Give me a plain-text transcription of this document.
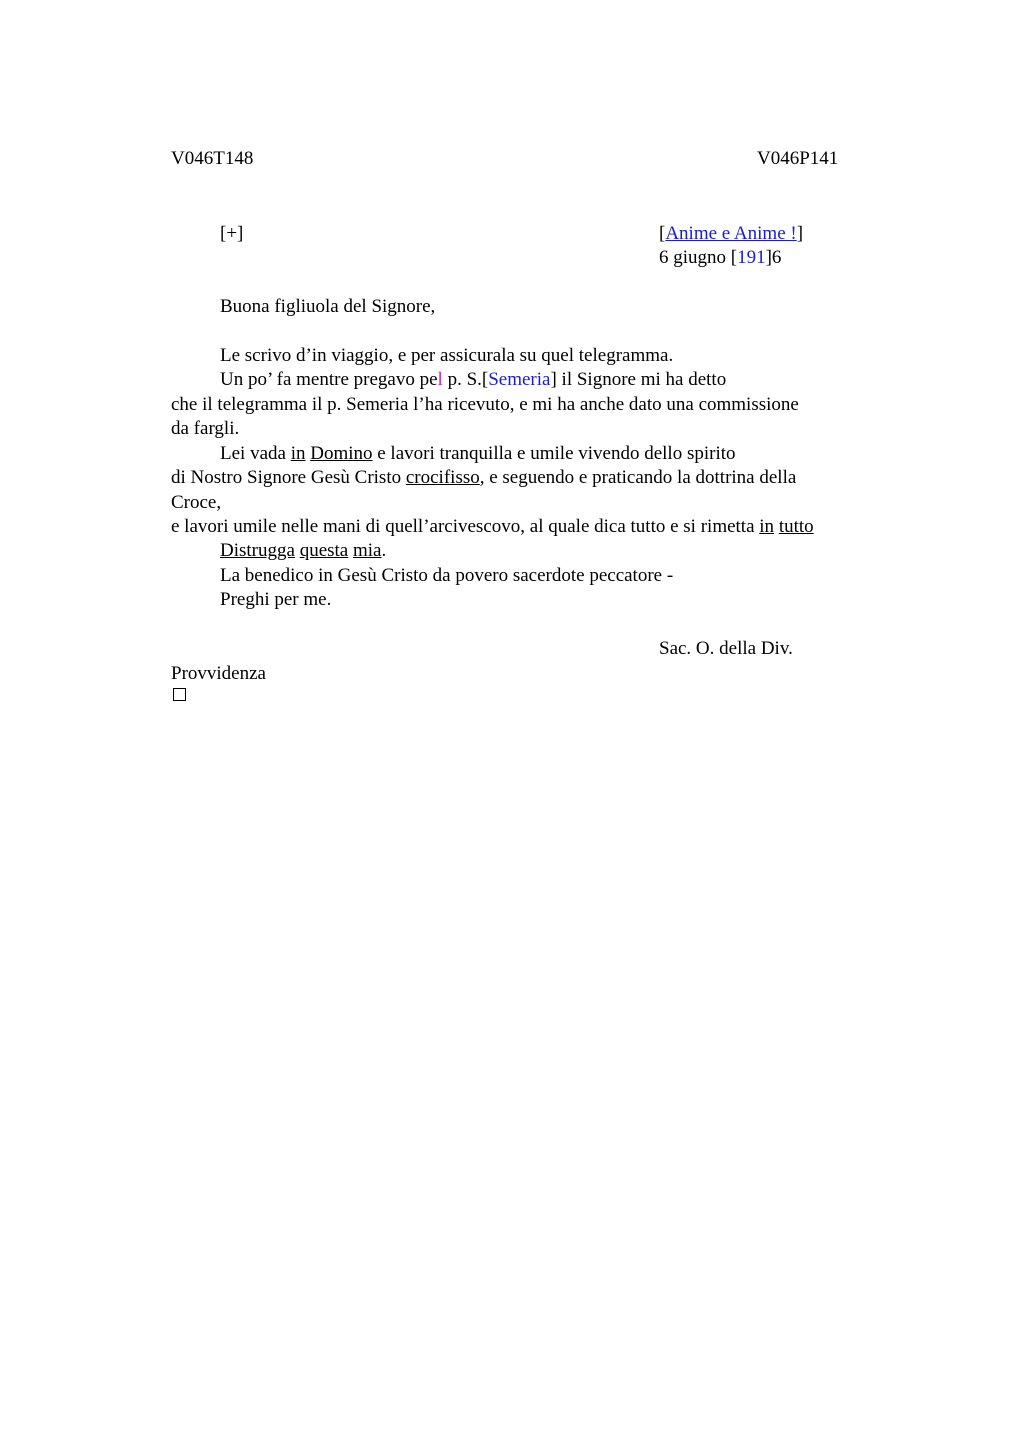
V046T148	V046P141
[+]	[Anime e Anime !]
6 giugno [191]6
Buona figliuola del Signore,
Le scrivo d’in viaggio, e per assicurala su quel telegramma.
Un po’ fa mentre pregavo pel p. S.[Semeria] il Signore mi ha detto
che il telegramma il p. Semeria l’ha ricevuto, e mi ha anche dato una commissione
da fargli.
Lei vada in Domino e lavori tranquilla e umile vivendo dello spirito
di Nostro Signore Gesù Cristo crocifisso, e seguendo e praticando la dottrina della
Croce,
e lavori umile nelle mani di quell’arcivescovo, al quale dica tutto e si rimetta in tutto
Distrugga questa mia.
La benedico in Gesù Cristo da povero sacerdote peccatore -
Preghi per me.
Sac. O. della Div.
Provvidenza
